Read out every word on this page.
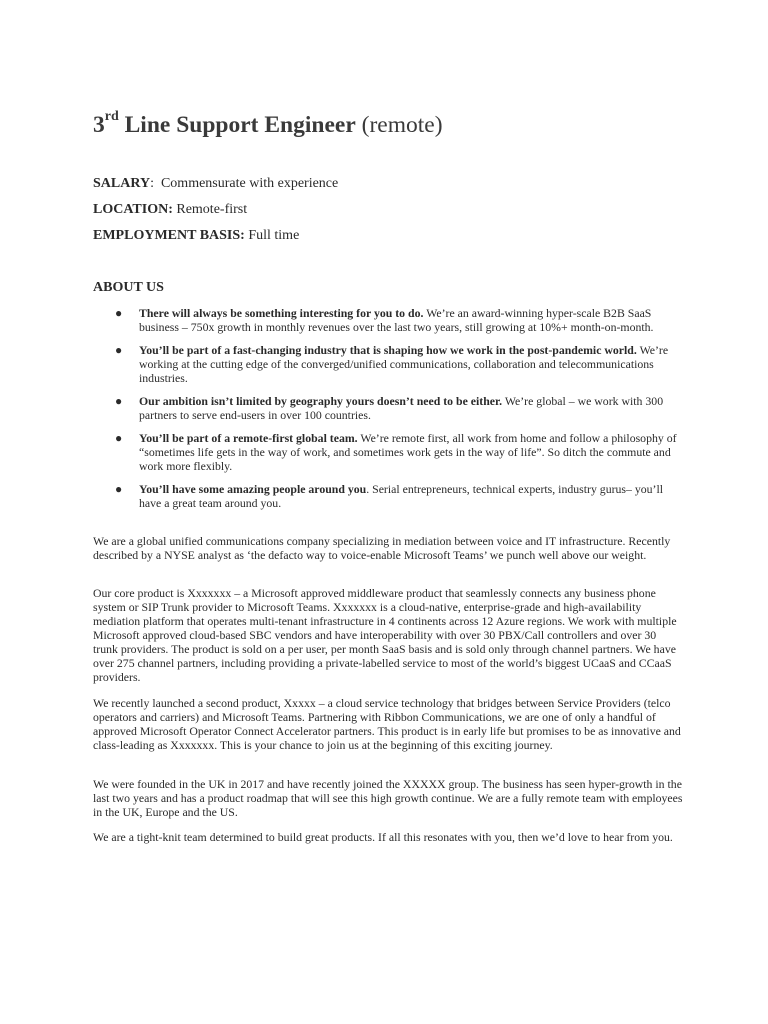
3rd Line Support Engineer (remote)
SALARY:  Commensurate with experience
LOCATION: Remote-first
EMPLOYMENT BASIS: Full time
ABOUT US
● There will always be something interesting for you to do. We’re an award-winning hyper-scale B2B SaaS business – 750x growth in monthly revenues over the last two years, still growing at 10%+ month-on-month.
● You’ll be part of a fast-changing industry that is shaping how we work in the post-pandemic world. We’re working at the cutting edge of the converged/unified communications, collaboration and telecommunications industries.
● Our ambition isn’t limited by geography yours doesn’t need to be either. We’re global – we work with 300 partners to serve end-users in over 100 countries.
● You’ll be part of a remote-first global team. We’re remote first, all work from home and follow a philosophy of “sometimes life gets in the way of work, and sometimes work gets in the way of life”. So ditch the commute and work more flexibly.
● You’ll have some amazing people around you. Serial entrepreneurs, technical experts, industry gurus– you’ll have a great team around you.

We are a global unified communications company specializing in mediation between voice and IT infrastructure. Recently described by a NYSE analyst as ‘the defacto way to voice-enable Microsoft Teams’ we punch well above our weight.

Our core product is Xxxxxxx – a Microsoft approved middleware product that seamlessly connects any business phone system or SIP Trunk provider to Microsoft Teams. Xxxxxxx is a cloud-native, enterprise-grade and high-availability mediation platform that operates multi-tenant infrastructure in 4 continents across 12 Azure regions. We work with multiple Microsoft approved cloud-based SBC vendors and have interoperability with over 30 PBX/Call controllers and over 30 trunk providers. The product is sold on a per user, per month SaaS basis and is sold only through channel partners. We have over 275 channel partners, including providing a private-labelled service to most of the world’s biggest UCaaS and CCaaS providers.

We recently launched a second product, Xxxxx – a cloud service technology that bridges between Service Providers (telco operators and carriers) and Microsoft Teams. Partnering with Ribbon Communications, we are one of only a handful of approved Microsoft Operator Connect Accelerator partners. This product is in early life but promises to be as innovative and class-leading as Xxxxxxx. This is your chance to join us at the beginning of this exciting journey.

We were founded in the UK in 2017 and have recently joined the XXXXX group. The business has seen hyper-growth in the last two years and has a product roadmap that will see this high growth continue. We are a fully remote team with employees in the UK, Europe and the US.

We are a tight-knit team determined to build great products. If all this resonates with you, then we’d love to hear from you.
